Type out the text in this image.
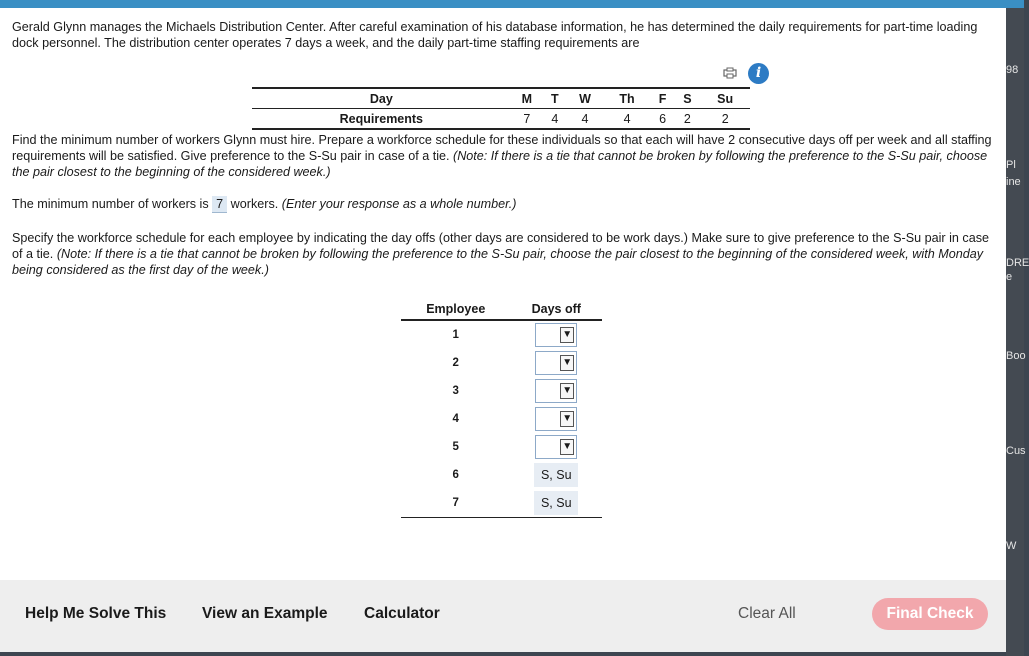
Gerald Glynn manages the Michaels Distribution Center. After careful examination of his database information, he has determined the daily requirements for part-time loading dock personnel. The distribution center operates 7 days a week, and the daily part-time staffing requirements are
i
Day	M	T	W	Th	F	S	Su
Requirements	7	4	4	4	6	2	2
Find the minimum number of workers Glynn must hire. Prepare a workforce schedule for these individuals so that each will have 2 consecutive days off per week and all staffing requirements will be satisfied. Give preference to the S-Su pair in case of a tie. (Note: If there is a tie that cannot be broken by following the preference to the S-Su pair, choose the pair closest to the beginning of the considered week.)
The minimum number of workers is 7 workers. (Enter your response as a whole number.)
Specify the workforce schedule for each employee by indicating the day offs (other days are considered to be work days.) Make sure to give preference to the S-Su pair in case of a tie. (Note: If there is a tie that cannot be broken by following the preference to the S-Su pair, choose the pair closest to the beginning of the considered week, with Monday being considered as the first day of the week.)
Employee	Days off
1	▼

2	▼

3	▼

4	▼

5	▼

6	S, Su
7	S, Su
Help Me Solve This View an Example Calculator	Clear All	Final Check
98
Pl
ine
DRE
e
Boo
Cus
W
